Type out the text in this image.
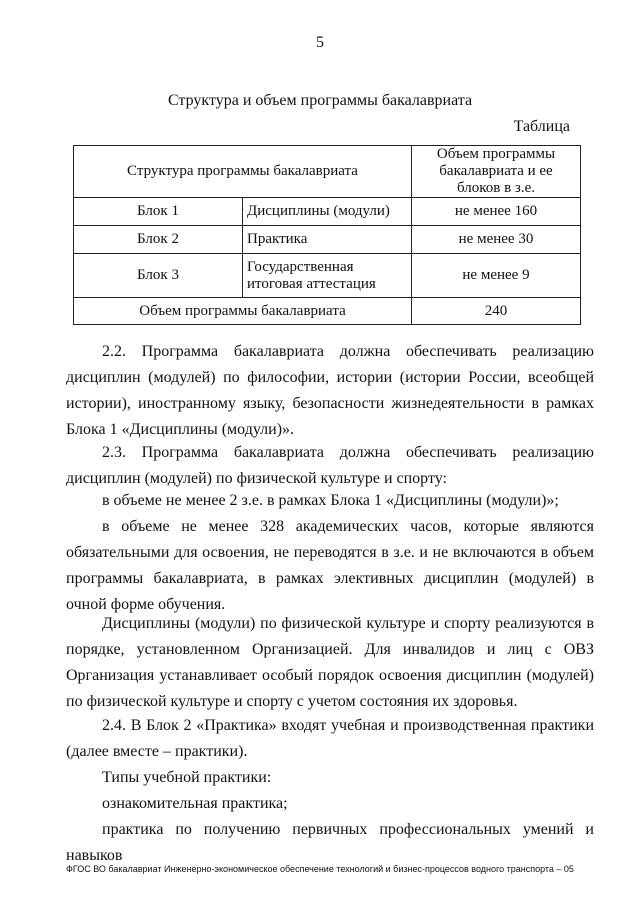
5
Структура и объем программы бакалавриата
Таблица
Структура программы бакалавриата		Объем программы бакалавриата и ее блоков в з.е.
Блок 1	Дисциплины (модули)	не менее 160
Блок 2	Практика	не менее 30
Блок 3	Государственная итоговая аттестация	не менее 9
Объем программы бакалавриата		240
2.2. Программа бакалавриата должна обеспечивать реализацию дисциплин (модулей) по философии, истории (истории России, всеобщей истории), иностранному языку, безопасности жизнедеятельности в рамках Блока 1 «Дисциплины (модули)».
2.3. Программа бакалавриата должна обеспечивать реализацию дисциплин (модулей) по физической культуре и спорту:
в объеме не менее 2 з.е. в рамках Блока 1 «Дисциплины (модули)»;
в объеме не менее 328 академических часов, которые являются обязательными для освоения, не переводятся в з.е. и не включаются в объем программы бакалавриата, в рамках элективных дисциплин (модулей) в очной форме обучения.
Дисциплины (модули) по физической культуре и спорту реализуются в порядке, установленном Организацией. Для инвалидов и лиц с ОВЗ Организация устанавливает особый порядок освоения дисциплин (модулей) по физической культуре и спорту с учетом состояния их здоровья.
2.4. В Блок 2 «Практика» входят учебная и производственная практики (далее вместе – практики).
Типы учебной практики:
ознакомительная практика;
практика по получению первичных профессиональных умений и навыков
ФГОС ВО бакалавриат Инженерно-экономическое обеспечение технологий и бизнес-процессов водного транспорта – 05
